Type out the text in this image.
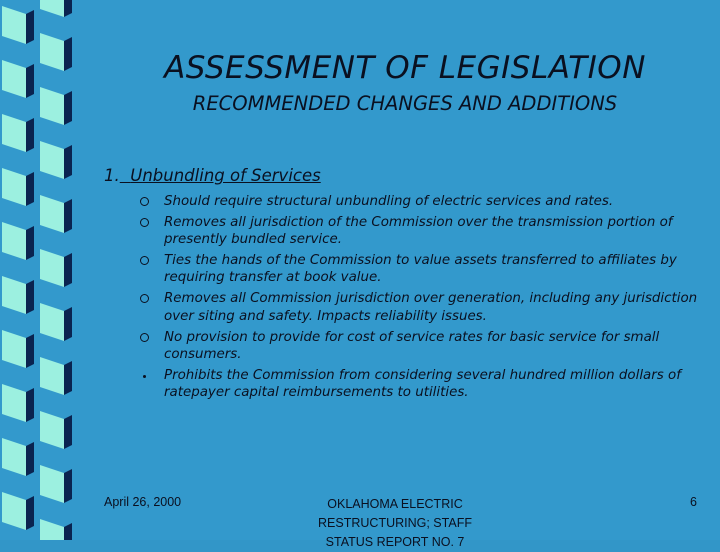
ASSESSMENT OF LEGISLATION
RECOMMENDED CHANGES AND ADDITIONS
1. Unbundling of Services
Should require structural unbundling of electric services and rates.
Removes all jurisdiction of the Commission over the transmission portion of presently bundled service.
Ties the hands of the Commission to value assets transferred to affiliates by requiring transfer at book value.
Removes all Commission jurisdiction over generation, including any jurisdiction over siting and safety. Impacts reliability issues.
No provision to provide for cost of service rates for basic service for small consumers.
Prohibits the Commission from considering several hundred million dollars of ratepayer capital reimbursements to utilities.
April 26, 2000	OKLAHOMA ELECTRIC
RESTRUCTURING; STAFF
STATUS REPORT NO. 7
6
